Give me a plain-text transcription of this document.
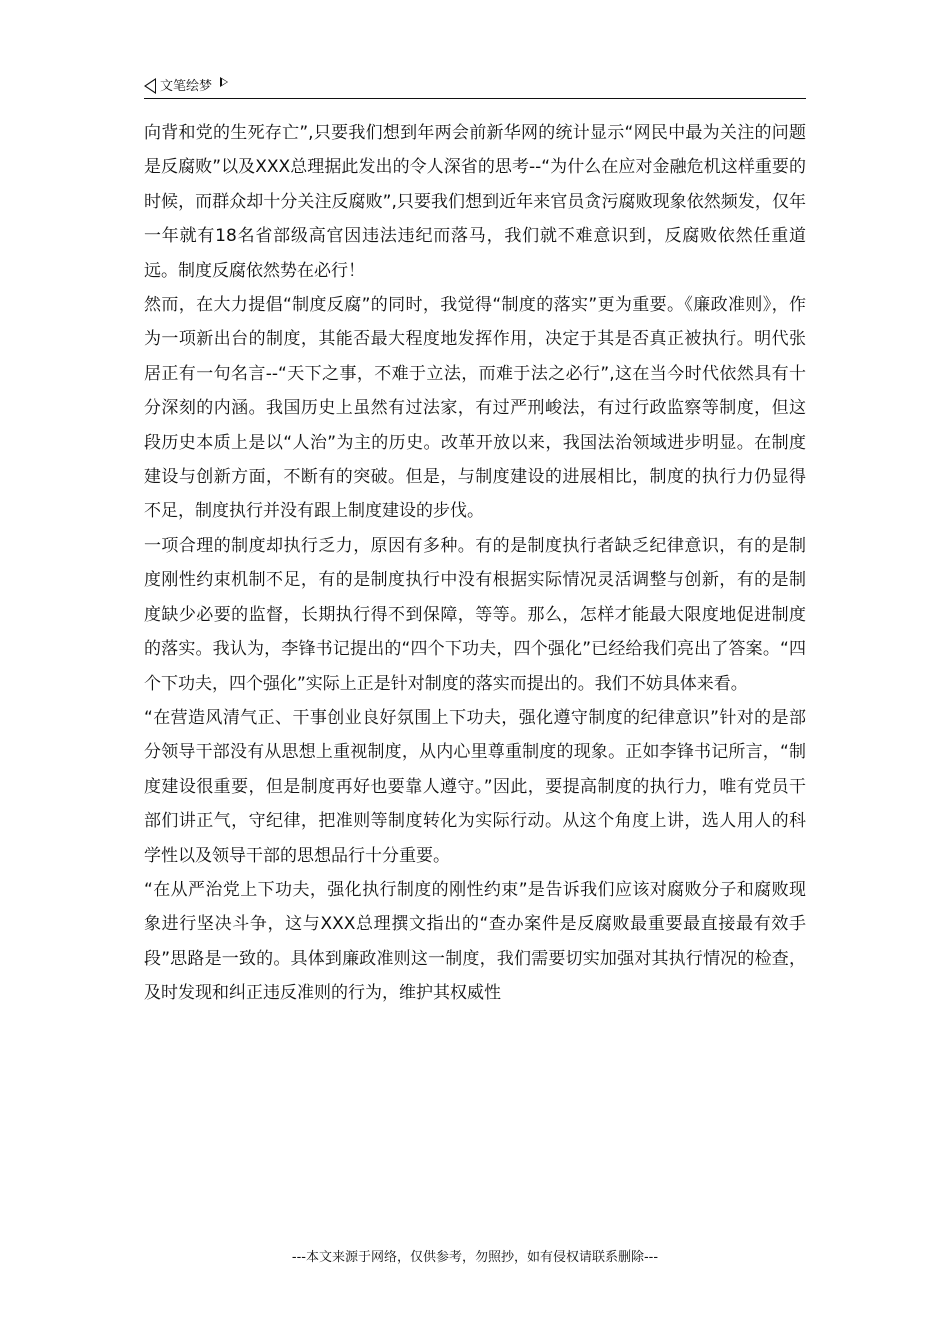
文笔绘梦

向背和党的生死存亡”,只要我们想到年两会前新华网的统计显示“网民中最为关注的问题是反腐败”以及XXX总理据此发出的令人深省的思考--“为什么在应对金融危机这样重要的时候，而群众却十分关注反腐败”,只要我们想到近年来官员贪污腐败现象依然频发，仅年一年就有18名省部级高官因违法违纪而落马，我们就不难意识到，反腐败依然任重道远。制度反腐依然势在必行！

然而，在大力提倡“制度反腐”的同时，我觉得“制度的落实”更为重要。《廉政准则》，作为一项新出台的制度，其能否最大程度地发挥作用，决定于其是否真正被执行。明代张居正有一句名言--“天下之事，不难于立法，而难于法之必行”,这在当今时代依然具有十分深刻的内涵。我国历史上虽然有过法家，有过严刑峻法，有过行政监察等制度，但这段历史本质上是以“人治”为主的历史。改革开放以来，我国法治领域进步明显。在制度建设与创新方面，不断有的突破。但是，与制度建设的进展相比，制度的执行力仍显得不足，制度执行并没有跟上制度建设的步伐。

一项合理的制度却执行乏力，原因有多种。有的是制度执行者缺乏纪律意识，有的是制度刚性约束机制不足，有的是制度执行中没有根据实际情况灵活调整与创新，有的是制度缺少必要的监督，长期执行得不到保障，等等。那么，怎样才能最大限度地促进制度的落实。我认为，李锋书记提出的“四个下功夫，四个强化”已经给我们亮出了答案。“四个下功夫，四个强化”实际上正是针对制度的落实而提出的。我们不妨具体来看。

“在营造风清气正、干事创业良好氛围上下功夫，强化遵守制度的纪律意识”针对的是部分领导干部没有从思想上重视制度，从内心里尊重制度的现象。正如李锋书记所言，“制度建设很重要，但是制度再好也要靠人遵守。”因此，要提高制度的执行力，唯有党员干部们讲正气，守纪律，把准则等制度转化为实际行动。从这个角度上讲，选人用人的科学性以及领导干部的思想品行十分重要。

“在从严治党上下功夫，强化执行制度的刚性约束”是告诉我们应该对腐败分子和腐败现象进行坚决斗争，这与XXX总理撰文指出的“查办案件是反腐败最重要最直接最有效手段”思路是一致的。具体到廉政准则这一制度，我们需要切实加强对其执行情况的检查，及时发现和纠正违反准则的行为，维护其权威性

---本文来源于网络，仅供参考，勿照抄，如有侵权请联系删除---
